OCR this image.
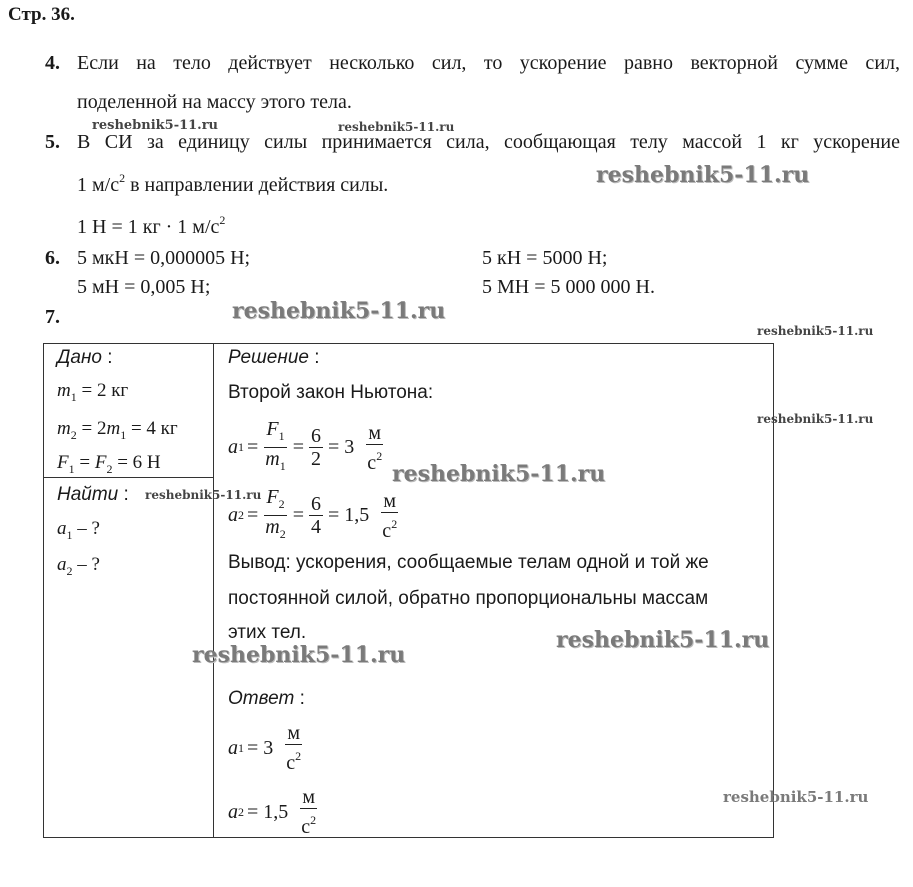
Стр. 36.
4. Если на тело действует несколько сил, то ускорение равно векторной сумме сил,
поделенной на массу этого тела.
5. В СИ за единицу силы принимается сила, сообщающая телу массой 1 кг ускорение
1 $м/с^2$ в направлении действия силы.
1 Н = 1 кг · 1 $м/с^2$
6. 5 мкН = 0,000005 Н;	5 кН = 5000 Н;
5 мН = 0,005 Н;	5 МН = 5 000 000 Н.
7.
Дано :
$m_1 = 2$ кг
$m_2 = 2m_1 = 4$ кг
$F_1 = F_2 = 6$ Н
Найти :
$a_1$ – ?
$a_2$ – ?
Решение :
Второй закон Ньютона:
a $1 = \frac{F_1}{m_1} = \frac{6}{2} = 3 \frac{м}{с^2}$
a $2 = \frac{F_2}{m_2} = \frac{6}{4} = 1,5 \frac{м}{с^2}$
Вывод: ускорения, сообщаемые телам одной и той же
постоянной силой, обратно пропорциональны массам
этих тел.
Ответ :
a $1 = 3 \frac{м}{с^2}$
a $2 = 1,5 \frac{м}{с^2}$
reshebnik5-11.ru	reshebnik5-11.ru
reshebnik5-11.ru
reshebnik5-11.ru
reshebnik5-11.ru
reshebnik5-11.ru
reshebnik5-11.ru
reshebnik5-11.ru
reshebnik5-11.ru
reshebnik5-11.ru
reshebnik5-11.ru
